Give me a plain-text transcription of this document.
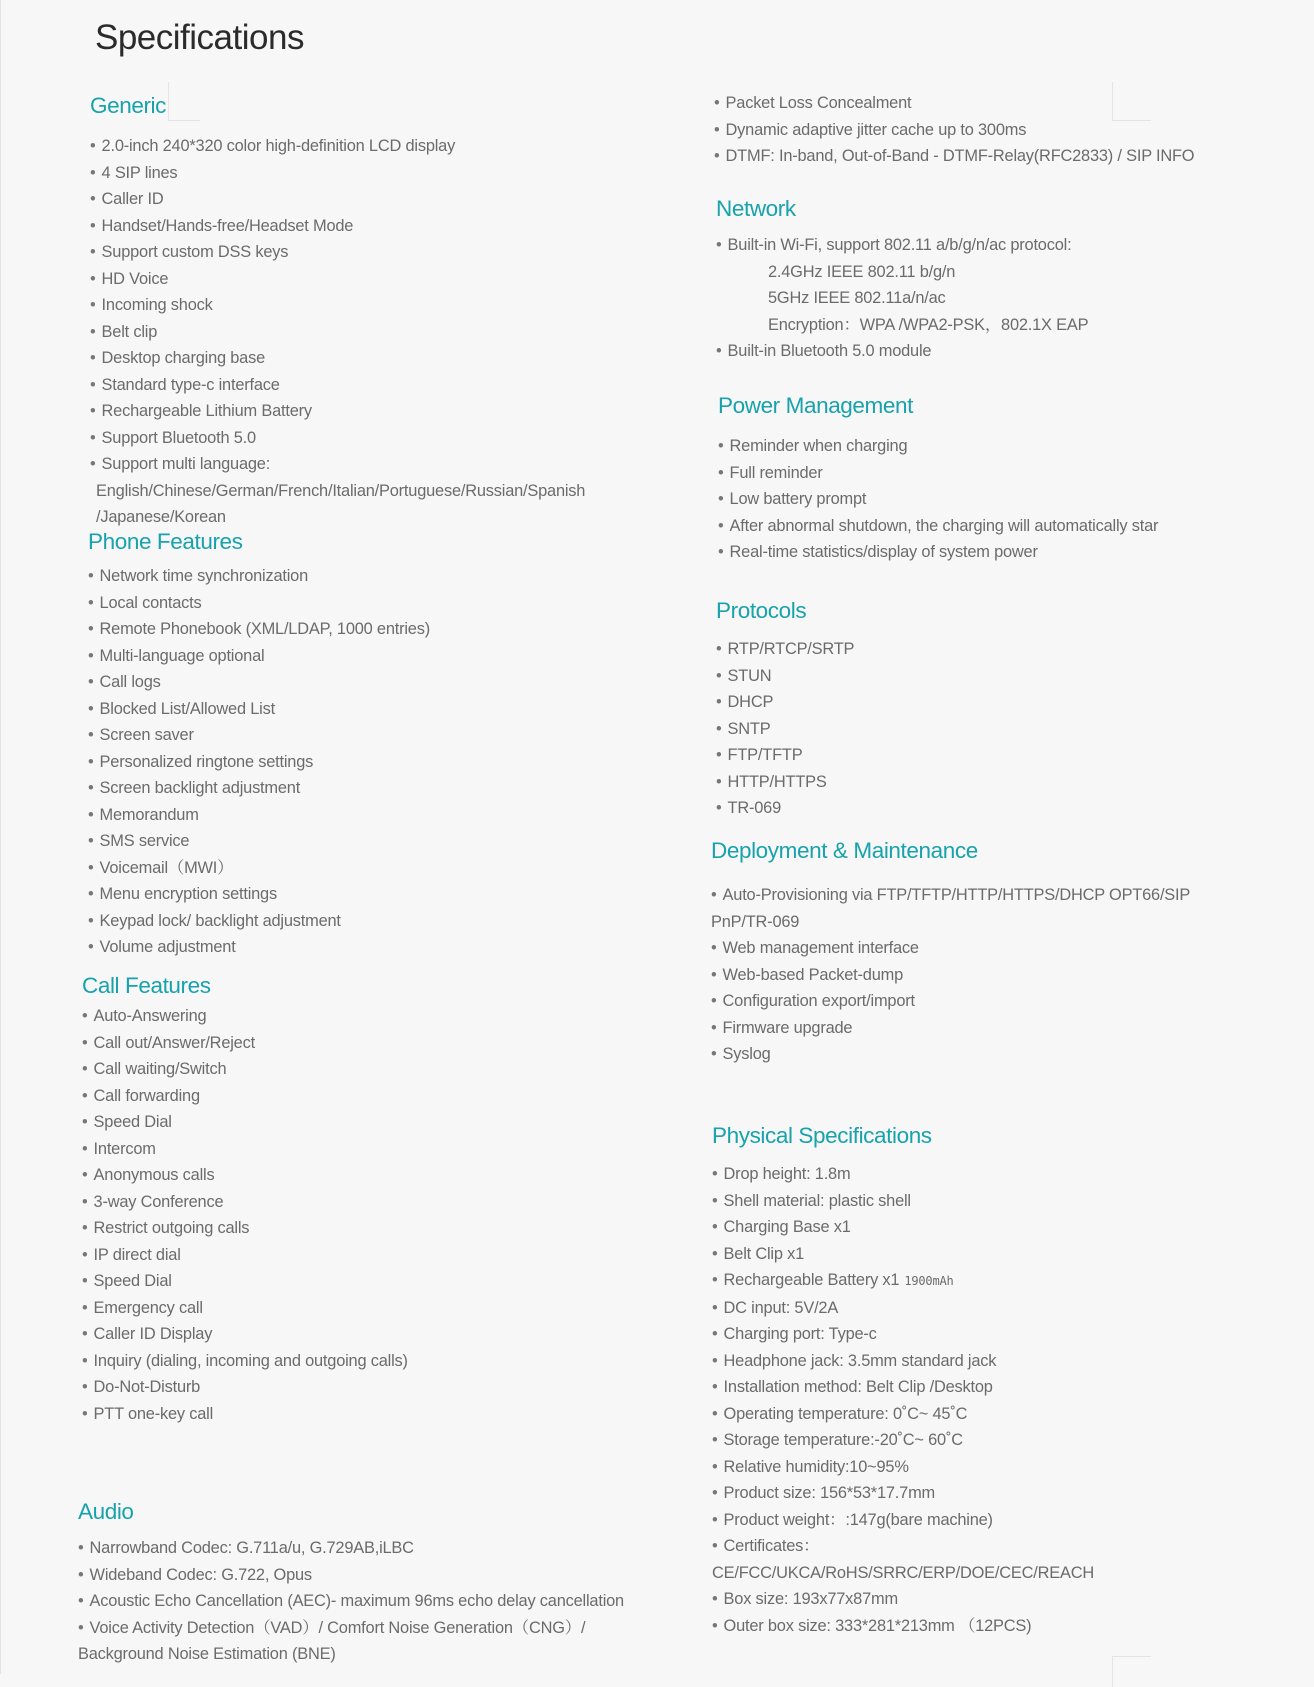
Specifications
Generic
• 2.0-inch 240*320 color high-definition LCD display
• 4 SIP lines
• Caller ID
• Handset/Hands-free/Headset Mode
• Support custom DSS keys
• HD Voice
• Incoming shock
• Belt clip
• Desktop charging base
• Standard type-c interface
• Rechargeable Lithium Battery
• Support Bluetooth 5.0
• Support multi language:
English/Chinese/German/French/Italian/Portuguese/Russian/Spanish
/Japanese/Korean
Phone Features
• Network time synchronization
• Local contacts
• Remote Phonebook (XML/LDAP, 1000 entries)
• Multi-language optional
• Call logs
• Blocked List/Allowed List
• Screen saver
• Personalized ringtone settings
• Screen backlight adjustment
• Memorandum
• SMS service
• Voicemail（MWI）
• Menu encryption settings
• Keypad lock/ backlight adjustment
• Volume adjustment
Call Features
• Auto-Answering
• Call out/Answer/Reject
• Call waiting/Switch
• Call forwarding
• Speed Dial
• Intercom
• Anonymous calls
• 3-way Conference
• Restrict outgoing calls
• IP direct dial
• Speed Dial
• Emergency call
• Caller ID Display
• Inquiry (dialing, incoming and outgoing calls)
• Do-Not-Disturb
• PTT one-key call
Audio
• Narrowband Codec: G.711a/u, G.729AB,iLBC
• Wideband Codec: G.722, Opus
• Acoustic Echo Cancellation (AEC)- maximum 96ms echo delay cancellation
• Voice Activity Detection（VAD）/ Comfort Noise Generation（CNG）/
Background Noise Estimation (BNE)
• Packet Loss Concealment
• Dynamic adaptive jitter cache up to 300ms
• DTMF: In-band, Out-of-Band - DTMF-Relay(RFC2833) / SIP INFO
Network
• Built-in Wi-Fi, support 802.11 a/b/g/n/ac protocol:
2.4GHz IEEE 802.11 b/g/n
5GHz IEEE 802.11a/n/ac
Encryption：WPA /WPA2-PSK，802.1X EAP
• Built-in Bluetooth 5.0 module
Power Management
• Reminder when charging
• Full reminder
• Low battery prompt
• After abnormal shutdown, the charging will automatically star
• Real-time statistics/display of system power
Protocols
• RTP/RTCP/SRTP
• STUN
• DHCP
• SNTP
• FTP/TFTP
• HTTP/HTTPS
• TR-069
Deployment & Maintenance
• Auto-Provisioning via FTP/TFTP/HTTP/HTTPS/DHCP OPT66/SIP
PnP/TR-069
• Web management interface
• Web-based Packet-dump
• Configuration export/import
• Firmware upgrade
• Syslog
Physical Specifications
• Drop height: 1.8m
• Shell material: plastic shell
• Charging Base x1
• Belt Clip x1
• Rechargeable Battery x1 1900mAh
• DC input: 5V/2A
• Charging port: Type-c
• Headphone jack: 3.5mm standard jack
• Installation method: Belt Clip /Desktop
• Operating temperature: 0˚C~ 45˚C
• Storage temperature:-20˚C~ 60˚C
• Relative humidity:10~95%
• Product size: 156*53*17.7mm
• Product weight：:147g(bare machine)
• Certificates：
CE/FCC/UKCA/RoHS/SRRC/ERP/DOE/CEC/REACH
• Box size: 193x77x87mm
• Outer box size: 333*281*213mm （12PCS)
